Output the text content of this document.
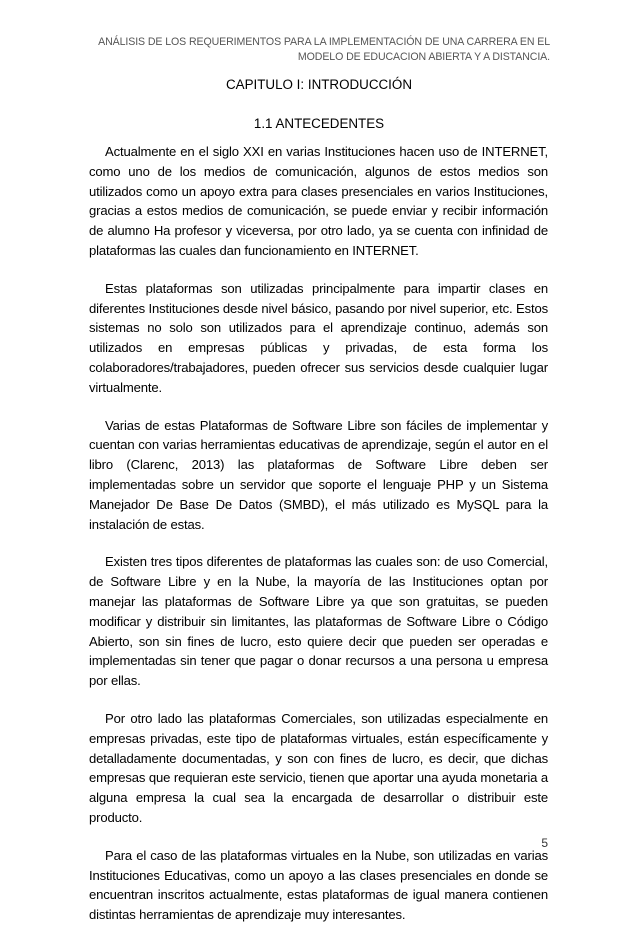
ANÁLISIS DE LOS REQUERIMENTOS PARA LA IMPLEMENTACIÓN DE UNA CARRERA EN EL
MODELO DE EDUCACION ABIERTA Y A DISTANCIA.
CAPITULO I: INTRODUCCIÓN
1.1 ANTECEDENTES

Actualmente en el siglo XXI en varias Instituciones hacen uso de INTERNET, como uno de los medios de comunicación, algunos de estos medios son utilizados como un apoyo extra para clases presenciales en varios Instituciones, gracias a estos medios de comunicación, se puede enviar y recibir información de alumno Ha profesor y viceversa, por otro lado, ya se cuenta con infinidad de plataformas las cuales dan funcionamiento en INTERNET.

Estas plataformas son utilizadas principalmente para impartir clases en diferentes Instituciones desde nivel básico, pasando por nivel superior, etc. Estos sistemas no solo son utilizados para el aprendizaje continuo, además son utilizados en empresas públicas y privadas, de esta forma los colaboradores/trabajadores, pueden ofrecer sus servicios desde cualquier lugar virtualmente.

Varias de estas Plataformas de Software Libre son fáciles de implementar y cuentan con varias herramientas educativas de aprendizaje, según el autor en el libro (Clarenc, 2013) las plataformas de Software Libre deben ser implementadas sobre un servidor que soporte el lenguaje PHP y un Sistema Manejador De Base De Datos (SMBD), el más utilizado es MySQL para la instalación de estas.

Existen tres tipos diferentes de plataformas las cuales son: de uso Comercial, de Software Libre y en la Nube, la mayoría de las Instituciones optan por manejar las plataformas de Software Libre ya que son gratuitas, se pueden modificar y distribuir sin limitantes, las plataformas de Software Libre o Código Abierto, son sin fines de lucro, esto quiere decir que pueden ser operadas e implementadas sin tener que pagar o donar recursos a una persona u empresa por ellas.

Por otro lado las plataformas Comerciales, son utilizadas especialmente en empresas privadas, este tipo de plataformas virtuales, están específicamente y detalladamente documentadas, y son con fines de lucro, es decir, que dichas empresas que requieran este servicio, tienen que aportar una ayuda monetaria a alguna empresa la cual sea la encargada de desarrollar o distribuir este producto.

Para el caso de las plataformas virtuales en la Nube, son utilizadas en varias Instituciones Educativas, como un apoyo a las clases presenciales en donde se encuentran inscritos actualmente, estas plataformas de igual manera contienen distintas herramientas de aprendizaje muy interesantes.

5
